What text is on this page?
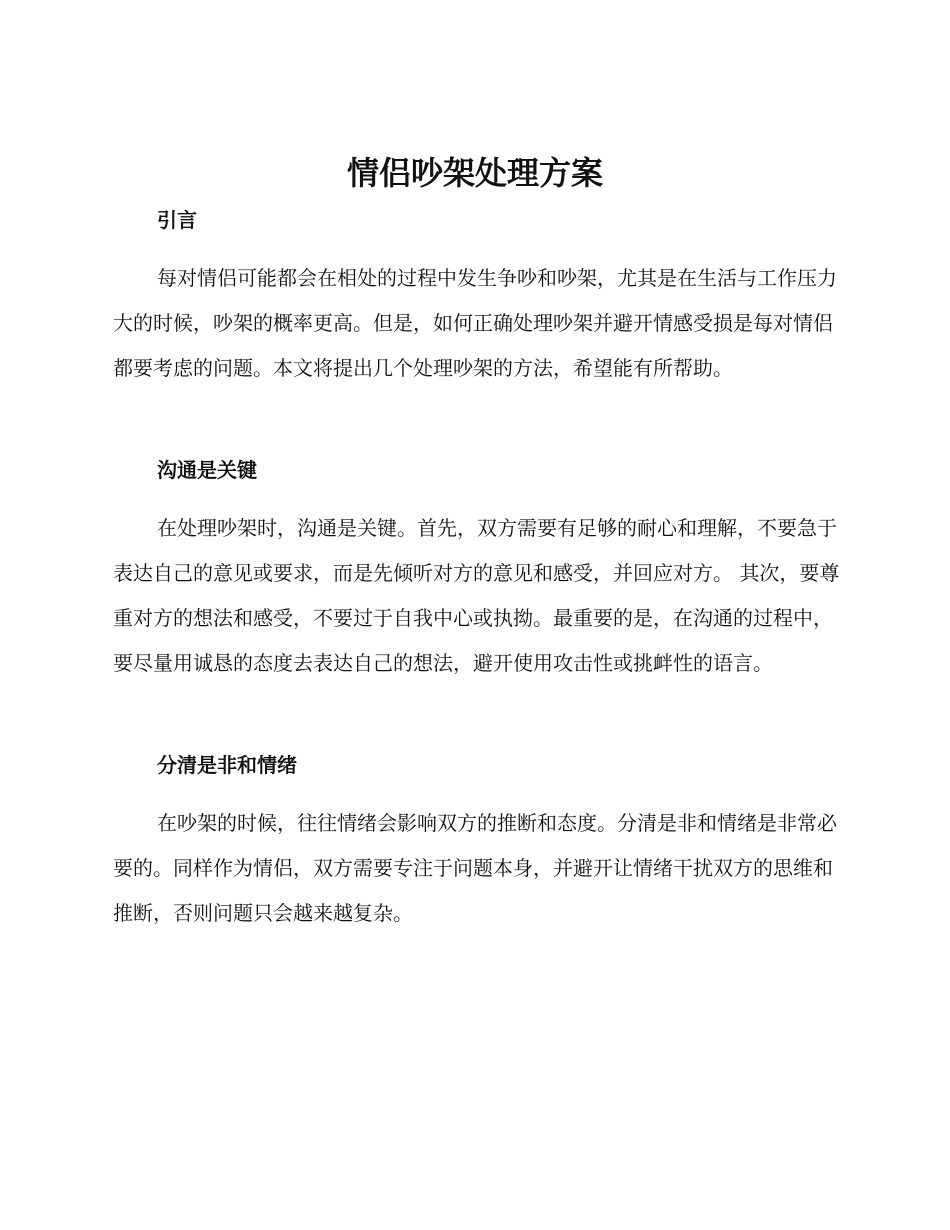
情侣吵架处理方案
引言
每对情侣可能都会在相处的过程中发生争吵和吵架，尤其是在生活与工作压力大的时候，吵架的概率更高。但是，如何正确处理吵架并避开情感受损是每对情侣都要考虑的问题。本文将提出几个处理吵架的方法，希望能有所帮助。
沟通是关键
在处理吵架时，沟通是关键。首先，双方需要有足够的耐心和理解，不要急于表达自己的意见或要求，而是先倾听对方的意见和感受，并回应对方。 其次，要尊重对方的想法和感受，不要过于自我中心或执拗。最重要的是，在沟通的过程中，要尽量用诚恳的态度去表达自己的想法，避开使用攻击性或挑衅性的语言。
分清是非和情绪
在吵架的时候，往往情绪会影响双方的推断和态度。分清是非和情绪是非常必要的。同样作为情侣，双方需要专注于问题本身，并避开让情绪干扰双方的思维和推断，否则问题只会越来越复杂。
